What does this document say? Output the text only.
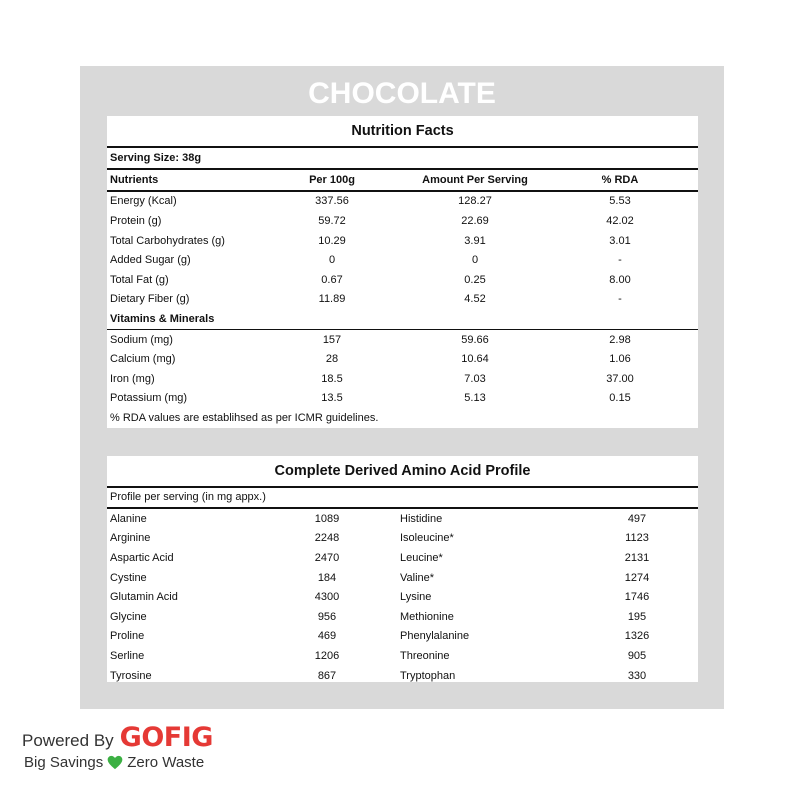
CHOCOLATE
Nutrition Facts
Serving Size: 38g
Nutrients	Per 100g	Amount Per Serving	% RDA
Energy (Kcal)	337.56	128.27	5.53
Protein (g)	59.72	22.69	42.02
Total Carbohydrates (g)	10.29	3.91	3.01
Added Sugar (g)	0	0	-
Total Fat (g)	0.67	0.25	8.00
Dietary Fiber (g)	11.89	4.52	-
Vitamins & Minerals
Sodium (mg)	157	59.66	2.98
Calcium (mg)	28	10.64	1.06
Iron (mg)	18.5	7.03	37.00
Potassium (mg)	13.5	5.13	0.15
% RDA values are establihsed as per ICMR guidelines.
Complete Derived Amino Acid Profile
Profile per serving (in mg appx.)
Alanine	1089	Histidine	497
Arginine	2248	Isoleucine*	1123
Aspartic Acid	2470	Leucine*	2131
Cystine	184	Valine*	1274
Glutamin Acid	4300	Lysine	1746
Glycine	956	Methionine	195
Proline	469	Phenylalanine	1326
Serline	1206	Threonine	905
Tyrosine	867	Tryptophan	330
Powered By GOFIG
Big Savings Zero Waste
